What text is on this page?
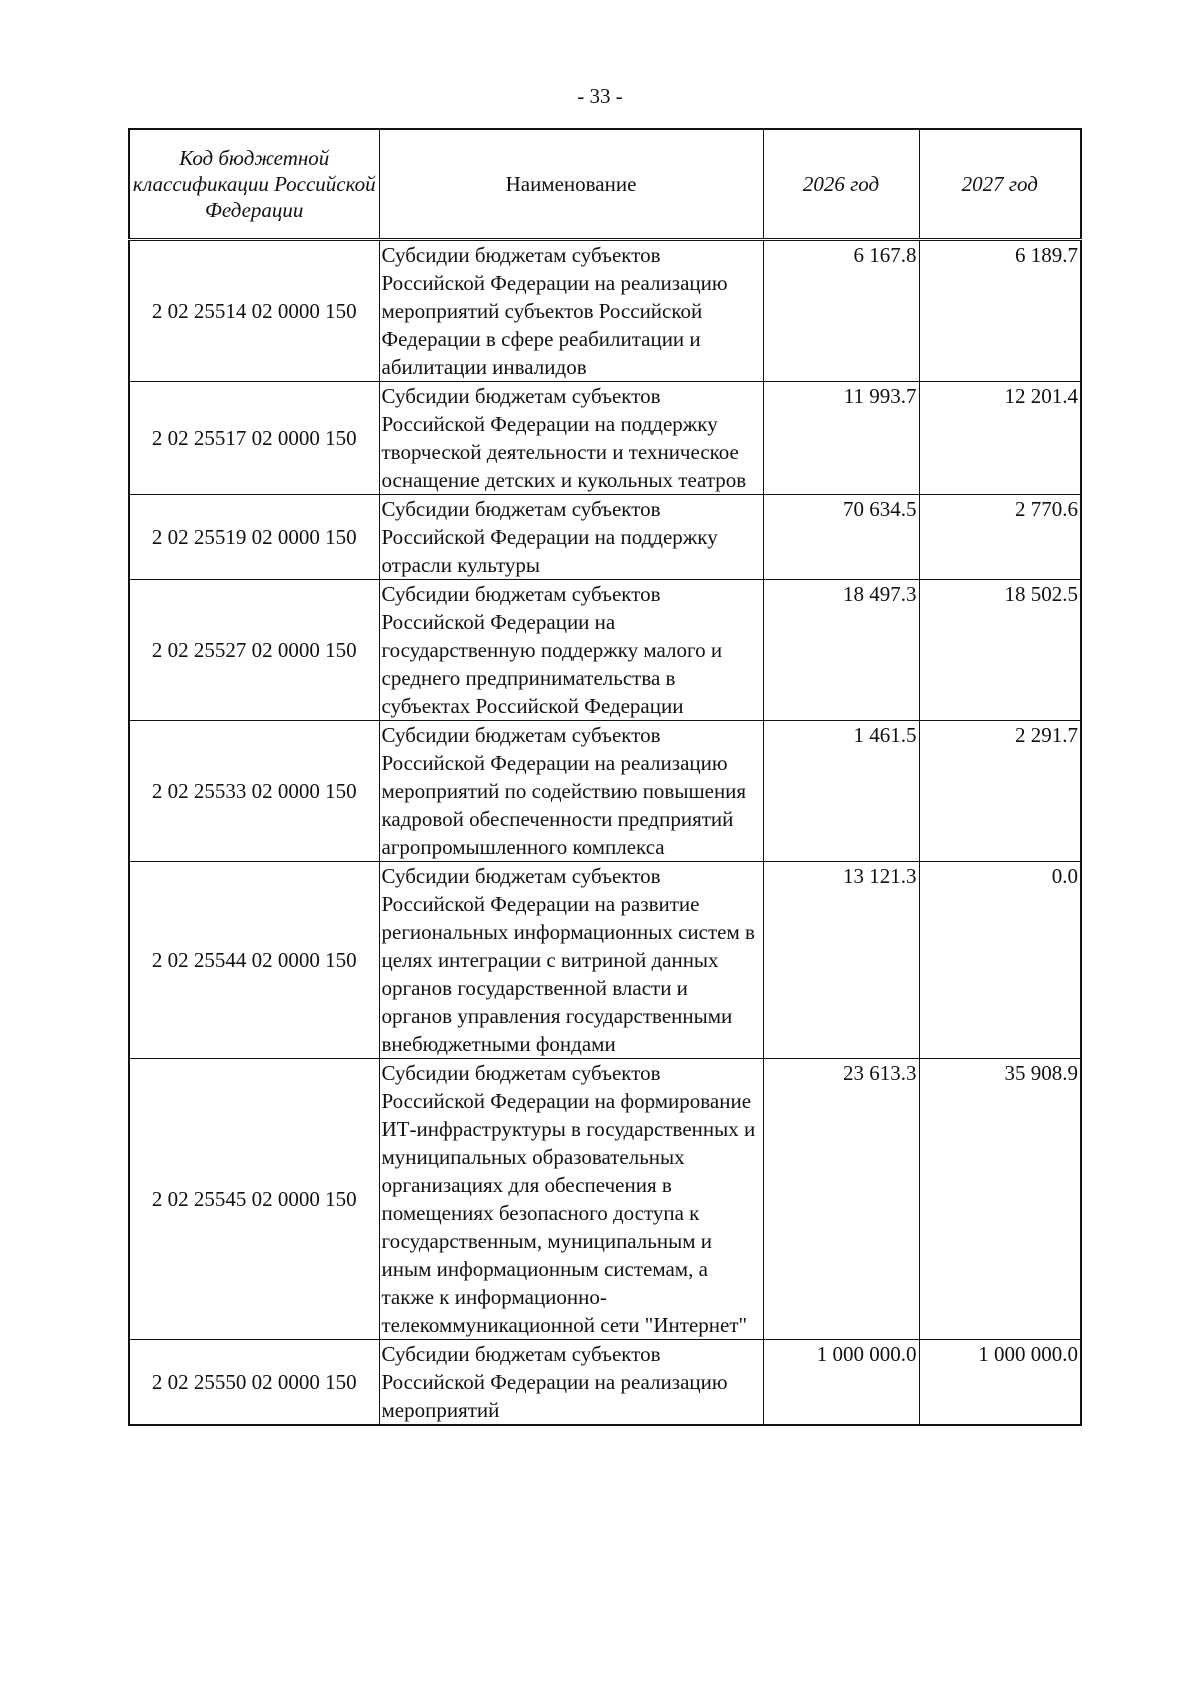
- 33 -
Код бюджетной классификации Российской Федерации	Наименование	2026 год	2027 год
2 02 25514 02 0000 150	Субсидии бюджетам субъектов Российской Федерации на реализацию мероприятий субъектов Российской Федерации в сфере реабилитации и абилитации инвалидов	6 167.8	6 189.7
2 02 25517 02 0000 150	Субсидии бюджетам субъектов Российской Федерации на поддержку творческой деятельности и техническое оснащение детских и кукольных театров	11 993.7	12 201.4
2 02 25519 02 0000 150	Субсидии бюджетам субъектов Российской Федерации на поддержку отрасли культуры	70 634.5	2 770.6
2 02 25527 02 0000 150	Субсидии бюджетам субъектов Российской Федерации на государственную поддержку малого и среднего предпринимательства в субъектах Российской Федерации	18 497.3	18 502.5
2 02 25533 02 0000 150	Субсидии бюджетам субъектов Российской Федерации на реализацию мероприятий по содействию повышения кадровой обеспеченности предприятий агропромышленного комплекса	1 461.5	2 291.7
2 02 25544 02 0000 150	Субсидии бюджетам субъектов Российской Федерации на развитие региональных информационных систем в целях интеграции с витриной данных органов государственной власти и органов управления государственными внебюджетными фондами	13 121.3	0.0
2 02 25545 02 0000 150	Субсидии бюджетам субъектов Российской Федерации на формирование ИТ-инфраструктуры в государственных и муниципальных образовательных организациях для обеспечения в помещениях безопасного доступа к государственным, муниципальным и иным информационным системам, а также к информационно-телекоммуникационной сети "Интернет"	23 613.3	35 908.9
2 02 25550 02 0000 150	Субсидии бюджетам субъектов Российской Федерации на реализацию мероприятий	1 000 000.0	1 000 000.0
